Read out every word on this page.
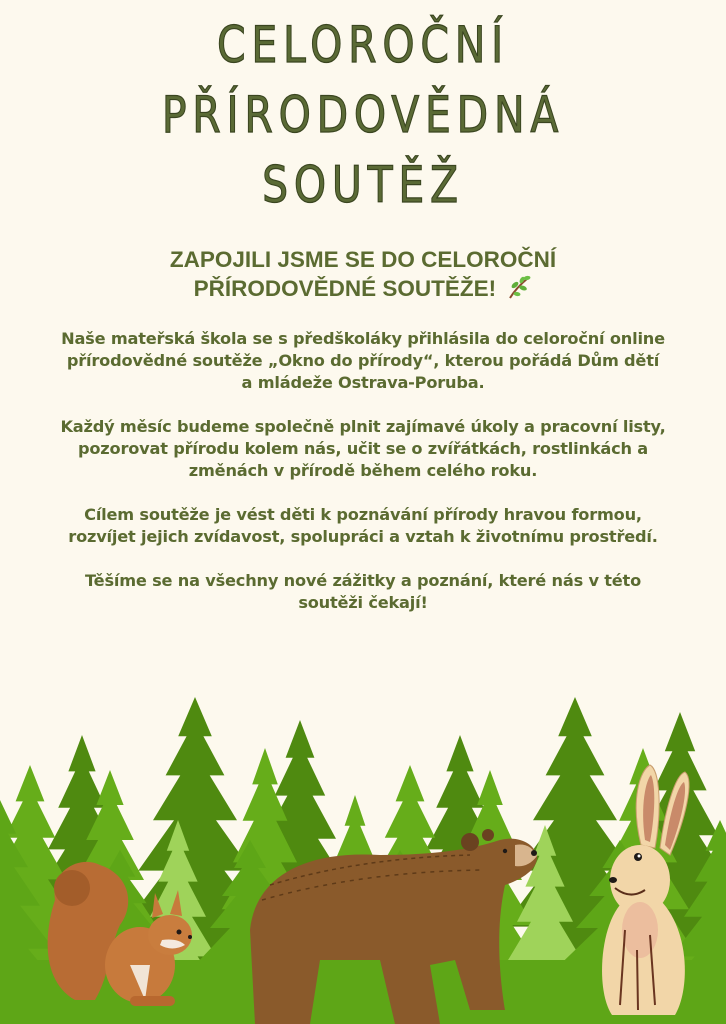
CELOROČNÍ
PŘÍRODOVĚDNÁ
SOUTĚŽ
ZAPOJILI JSME SE DO CELOROČNÍ
PŘÍRODOVĚDNÉ SOUTĚŽE!

Naše mateřská škola se s předškoláky přihlásila do celoroční online přírodovědné soutěže „Okno do přírody“, kterou pořádá Dům dětí a mládeže Ostrava-Poruba.

Každý měsíc budeme společně plnit zajímavé úkoly a pracovní listy, pozorovat přírodu kolem nás, učit se o zvířátkách, rostlinkách a změnách v přírodě během celého roku.

Cílem soutěže je vést děti k poznávání přírody hravou formou, rozvíjet jejich zvídavost, spolupráci a vztah k životnímu prostředí.

Těšíme se na všechny nové zážitky a poznání, které nás v této soutěži čekají!
